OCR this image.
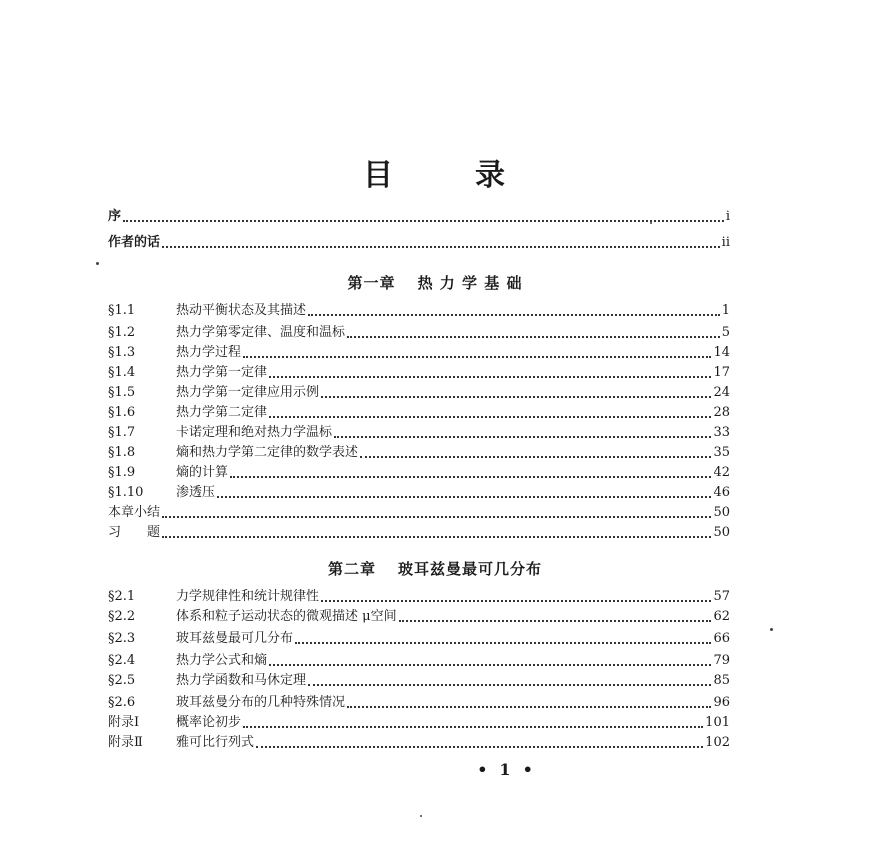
目	录
序	i
作者的话	ii
第一章 热 力 学 基 础
§1.1	热动平衡状态及其描述	1
§1.2	热力学第零定律、温度和温标	5
§1.3	热力学过程	14
§1.4	热力学第一定律	17
§1.5	热力学第一定律应用示例	24
§1.6	热力学第二定律	28
§1.7	卡诺定理和绝对热力学温标	33
§1.8	熵和热力学第二定律的数学表述	35
§1.9	熵的计算	42
§1.10	渗透压	46
本章小结	50
习　　题	50
第二章 玻耳兹曼最可几分布
§2.1	力学规律性和统计规律性	57
§2.2	体系和粒子运动状态的微观描述 μ空间	62
§2.3	玻耳兹曼最可几分布	66
§2.4	热力学公式和熵	79
§2.5	热力学函数和马休定理	85
§2.6	玻耳兹曼分布的几种特殊情况	96
附录Ⅰ	概率论初步	101
附录Ⅱ	雅可比行列式	102
• 1 •
